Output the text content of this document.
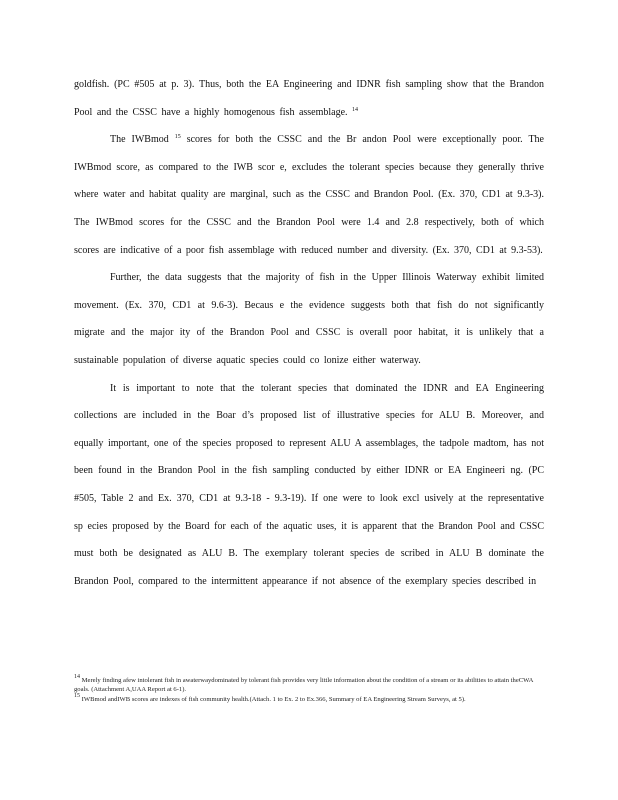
goldfish. (PC #505 at p. 3). Thus, both the EA Engineering and IDNR fish sampling show that the Brandon Pool and the CSSC have a highly homogenous fish assemblage. $^{14}$

The IWBmod $^{15}$ scores for both the CSSC and the Br andon Pool were exceptionally poor. The IWBmod score, as compared to the IWB scor e, excludes the tolerant species because they generally thrive where water and habitat quality are marginal, such as the CSSC and Brandon Pool. (Ex. 370, CD1 at 9.3-3). The IWBmod scores for the CSSC and the Brandon Pool were 1.4 and 2.8 respectively, both of which scores are indicative of a poor fish assemblage with reduced number and diversity. (Ex. 370, CD1 at 9.3-53).

Further, the data suggests that the majority of fish in the Upper Illinois Waterway exhibit limited movement. (Ex. 370, CD1 at 9.6-3). Becaus e the evidence suggests both that fish do not significantly migrate and the major ity of the Brandon Pool and CSSC is overall poor habitat, it is unlikely that a sustainable population of diverse aquatic species could co lonize either waterway.

It is important to note that the tolerant species that dominated the IDNR and EA Engineering collections are included in the Boar d’s proposed list of illustrative species for ALU B. Moreover, and equally important, one of the species proposed to represent ALU A assemblages, the tadpole madtom, has not been found in the Brandon Pool in the fish sampling conducted by either IDNR or EA Engineeri ng. (PC #505, Table 2 and Ex. 370, CD1 at 9.3-18 - 9.3-19). If one were to look excl usively at the representative sp ecies proposed by the Board for each of the aquatic uses, it is apparent that the Brandon Pool and CSSC must both be designated as ALU B. The exemplary tolerant species de scribed in ALU B dominate the Brandon Pool, compared to the intermittent appearance if not absence of the exemplary species described in

$^{14}$ Merely finding afew intolerant fish in awaterwaydominated by tolerant fish provides very little information about the condition of a stream or its abilities to attain theCWA goals. (Attachment A,UAA Report at 6-1).

$^{15}$ IWBmod andIWB scores are indexes of fish community health.(Attach. 1 to Ex. 2 to Ex.366, Summary of EA Engineering Stream Surveys, at 5).
